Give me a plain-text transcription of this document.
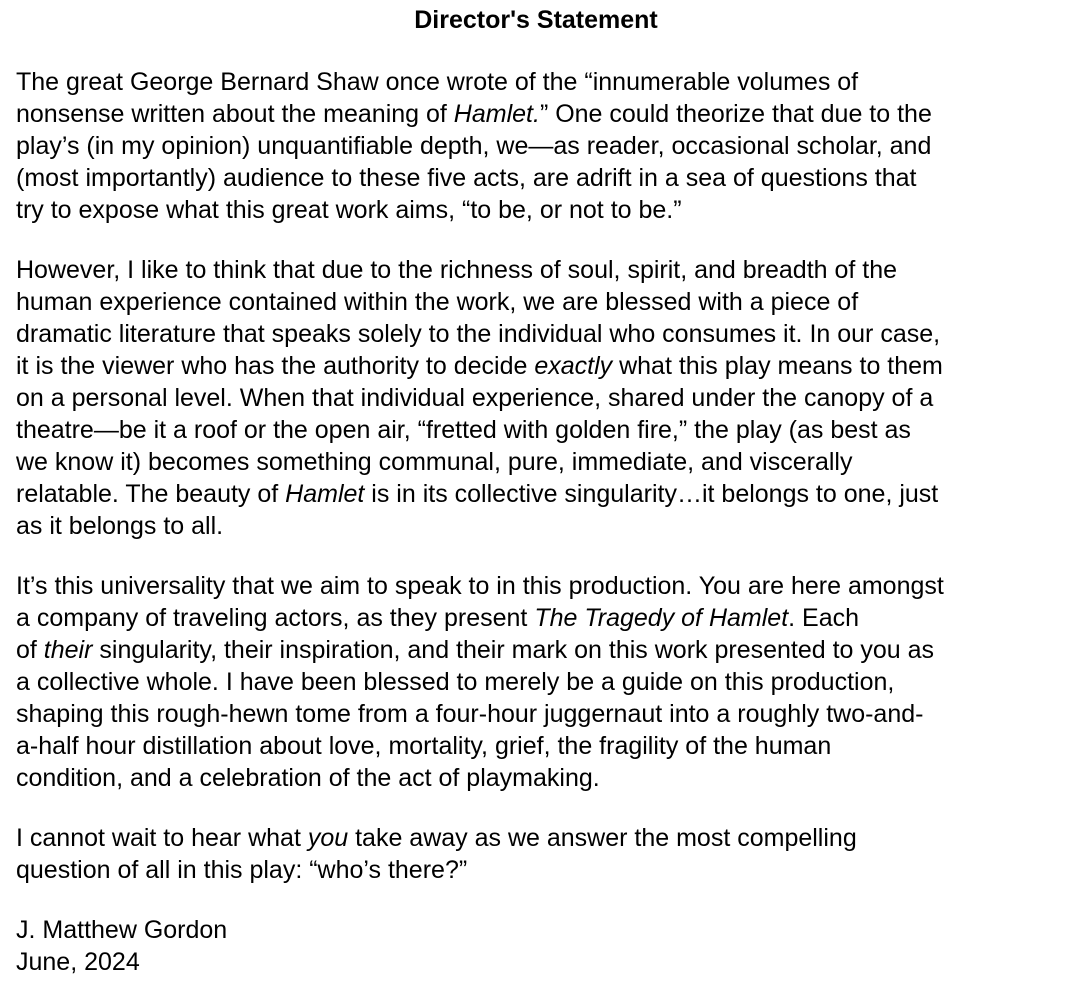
Director's Statement
The great George Bernard Shaw once wrote of the “innumerable volumes of
nonsense written about the meaning of Hamlet.” One could theorize that due to the
play’s (in my opinion) unquantifiable depth, we—as reader, occasional scholar, and
(most importantly) audience to these five acts, are adrift in a sea of questions that
try to expose what this great work aims, “to be, or not to be.”
However, I like to think that due to the richness of soul, spirit, and breadth of the
human experience contained within the work, we are blessed with a piece of
dramatic literature that speaks solely to the individual who consumes it. In our case,
it is the viewer who has the authority to decide exactly what this play means to them
on a personal level. When that individual experience, shared under the canopy of a
theatre—be it a roof or the open air, “fretted with golden fire,” the play (as best as
we know it) becomes something communal, pure, immediate, and viscerally
relatable. The beauty of Hamlet is in its collective singularity…it belongs to one, just
as it belongs to all.
It’s this universality that we aim to speak to in this production. You are here amongst
a company of traveling actors, as they present The Tragedy of Hamlet. Each
of their singularity, their inspiration, and their mark on this work presented to you as
a collective whole. I have been blessed to merely be a guide on this production,
shaping this rough-hewn tome from a four-hour juggernaut into a roughly two-and-
a-half hour distillation about love, mortality, grief, the fragility of the human
condition, and a celebration of the act of playmaking.
I cannot wait to hear what you take away as we answer the most compelling
question of all in this play: “who’s there?”
J. Matthew Gordon
June, 2024
